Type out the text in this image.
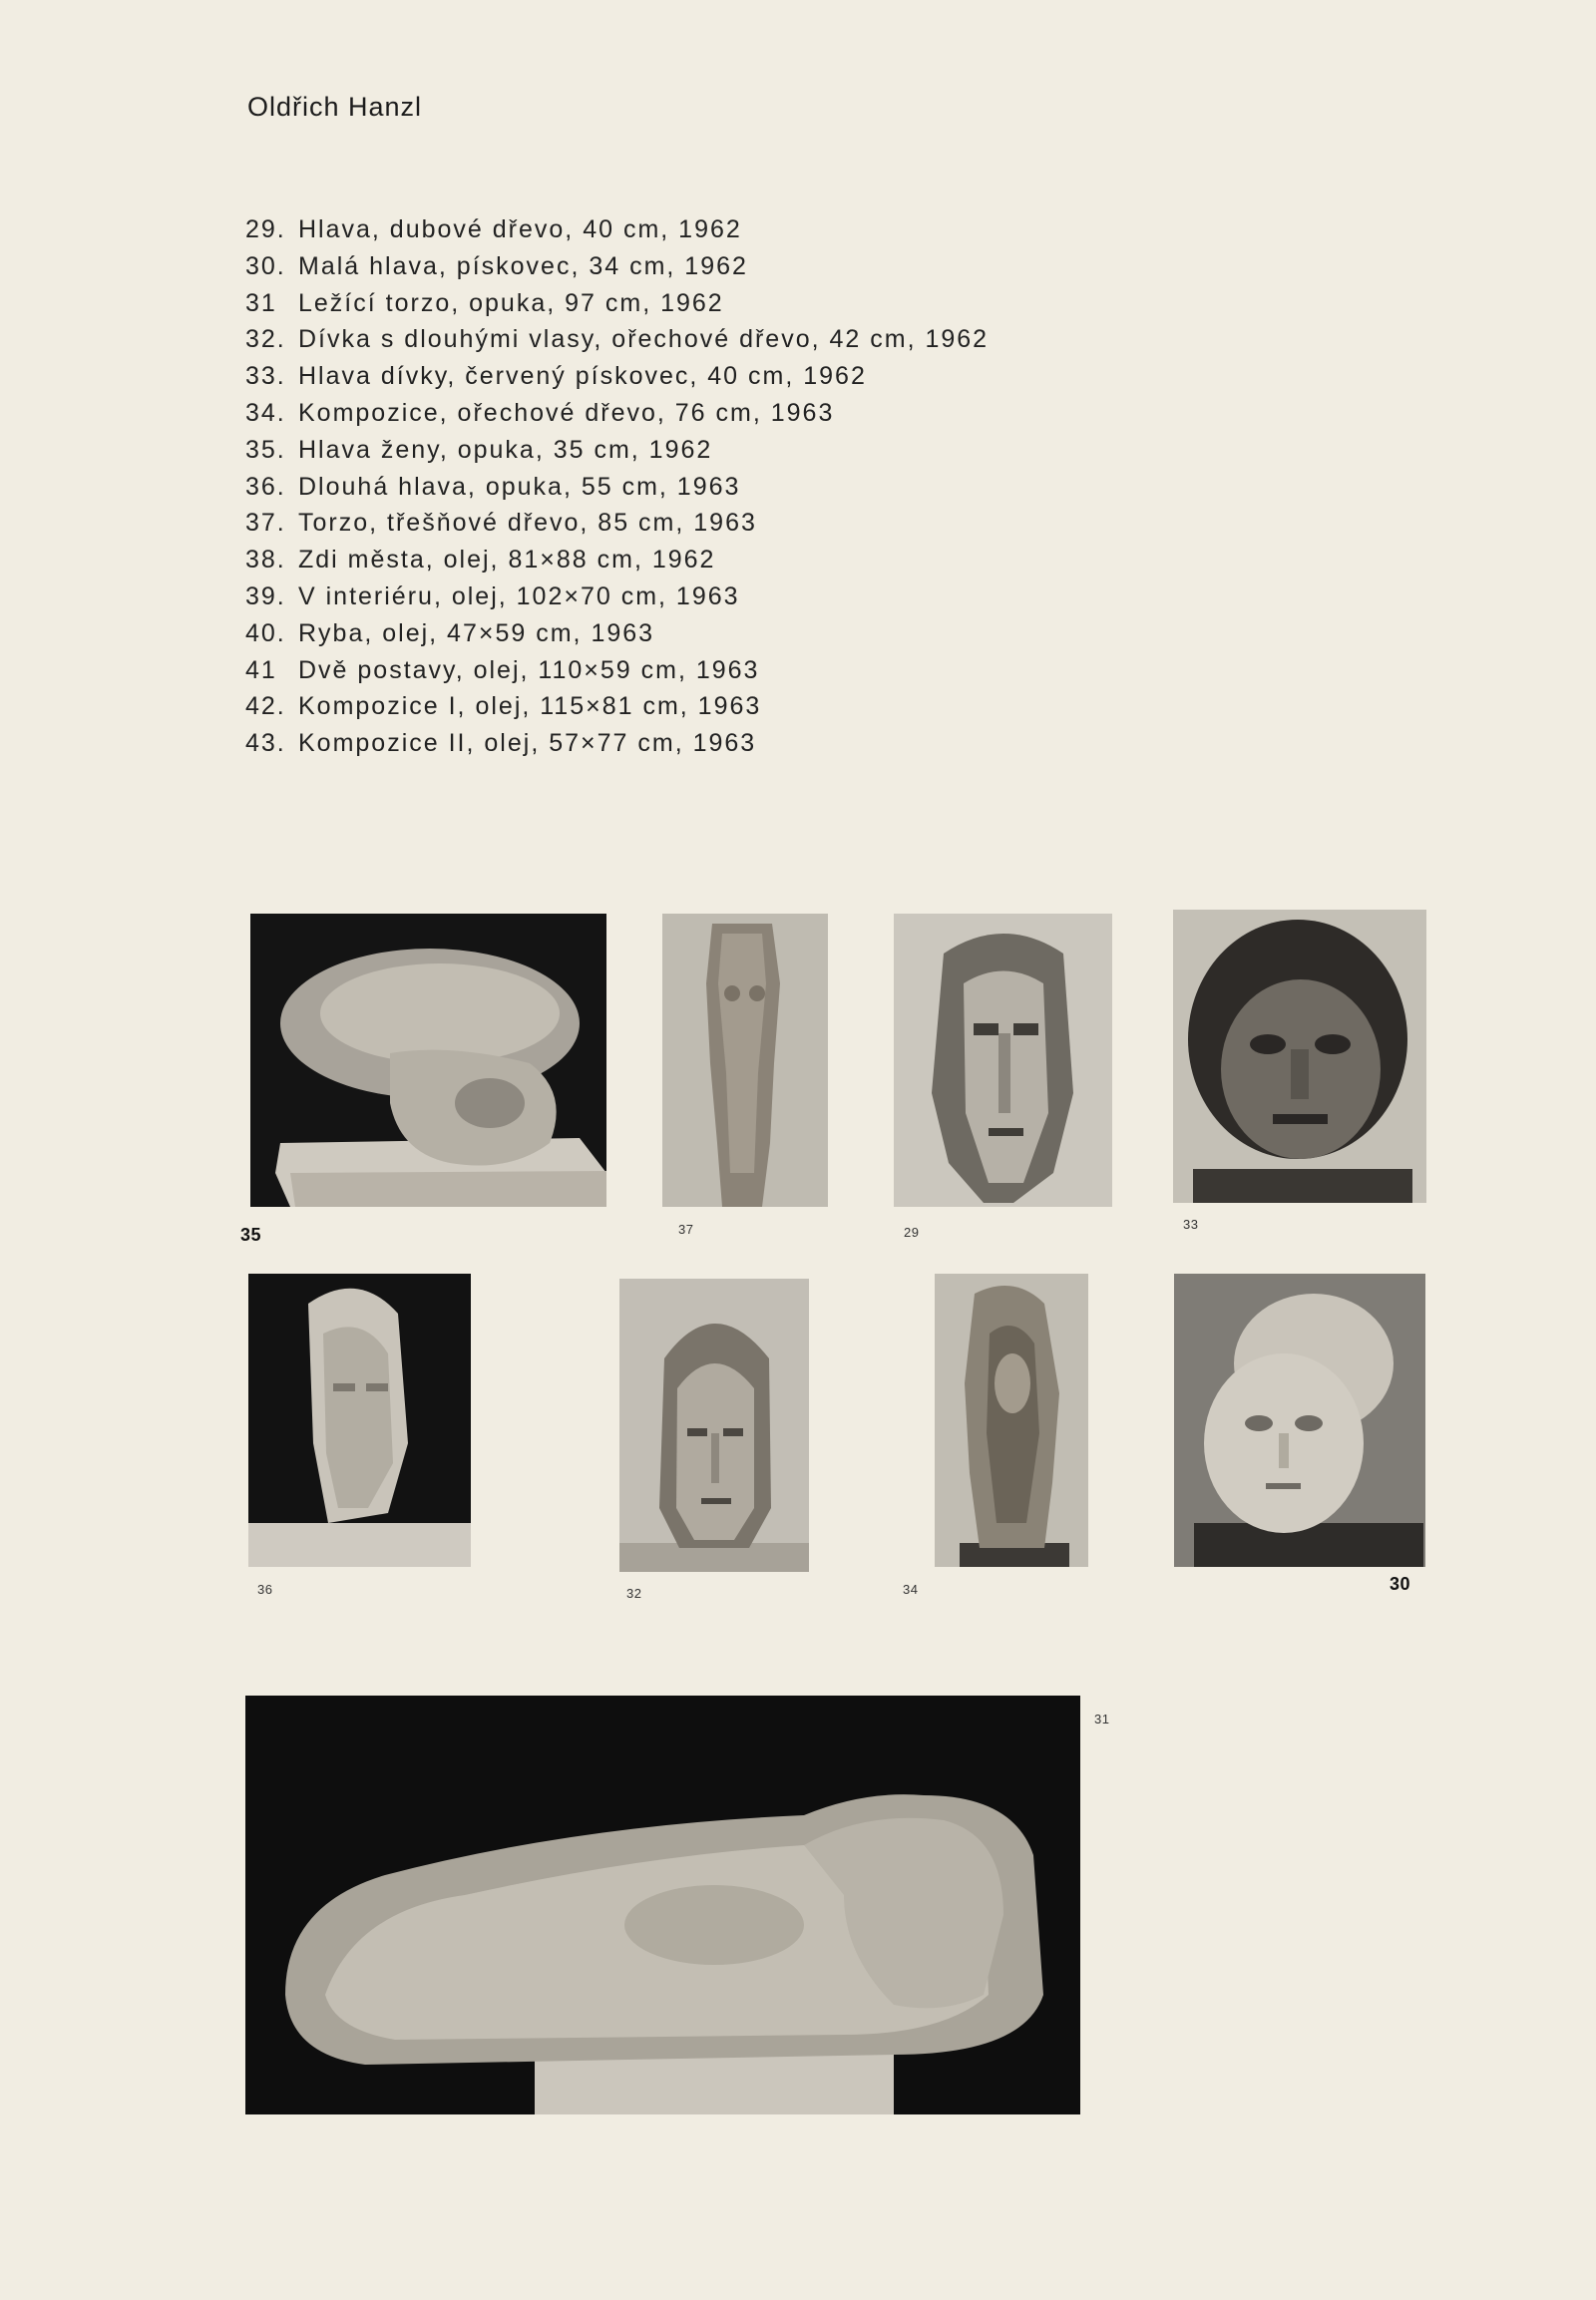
Oldřich Hanzl
29. Hlava, dubové dřevo, 40 cm, 1962
30. Malá hlava, pískovec, 34 cm, 1962
31 Ležící torzo, opuka, 97 cm, 1962
32. Dívka s dlouhými vlasy, ořechové dřevo, 42 cm, 1962
33. Hlava dívky, červený pískovec, 40 cm, 1962
34. Kompozice, ořechové dřevo, 76 cm, 1963
35. Hlava ženy, opuka, 35 cm, 1962
36. Dlouhá hlava, opuka, 55 cm, 1963
37. Torzo, třešňové dřevo, 85 cm, 1963
38. Zdi města, olej, 81×88 cm, 1962
39. V interiéru, olej, 102×70 cm, 1963
40. Ryba, olej, 47×59 cm, 1963
41 Dvě postavy, olej, 110×59 cm, 1963
42. Kompozice I, olej, 115×81 cm, 1963
43. Kompozice II, olej, 57×77 cm, 1963
35	37	29
33
36	32	34	30
31
